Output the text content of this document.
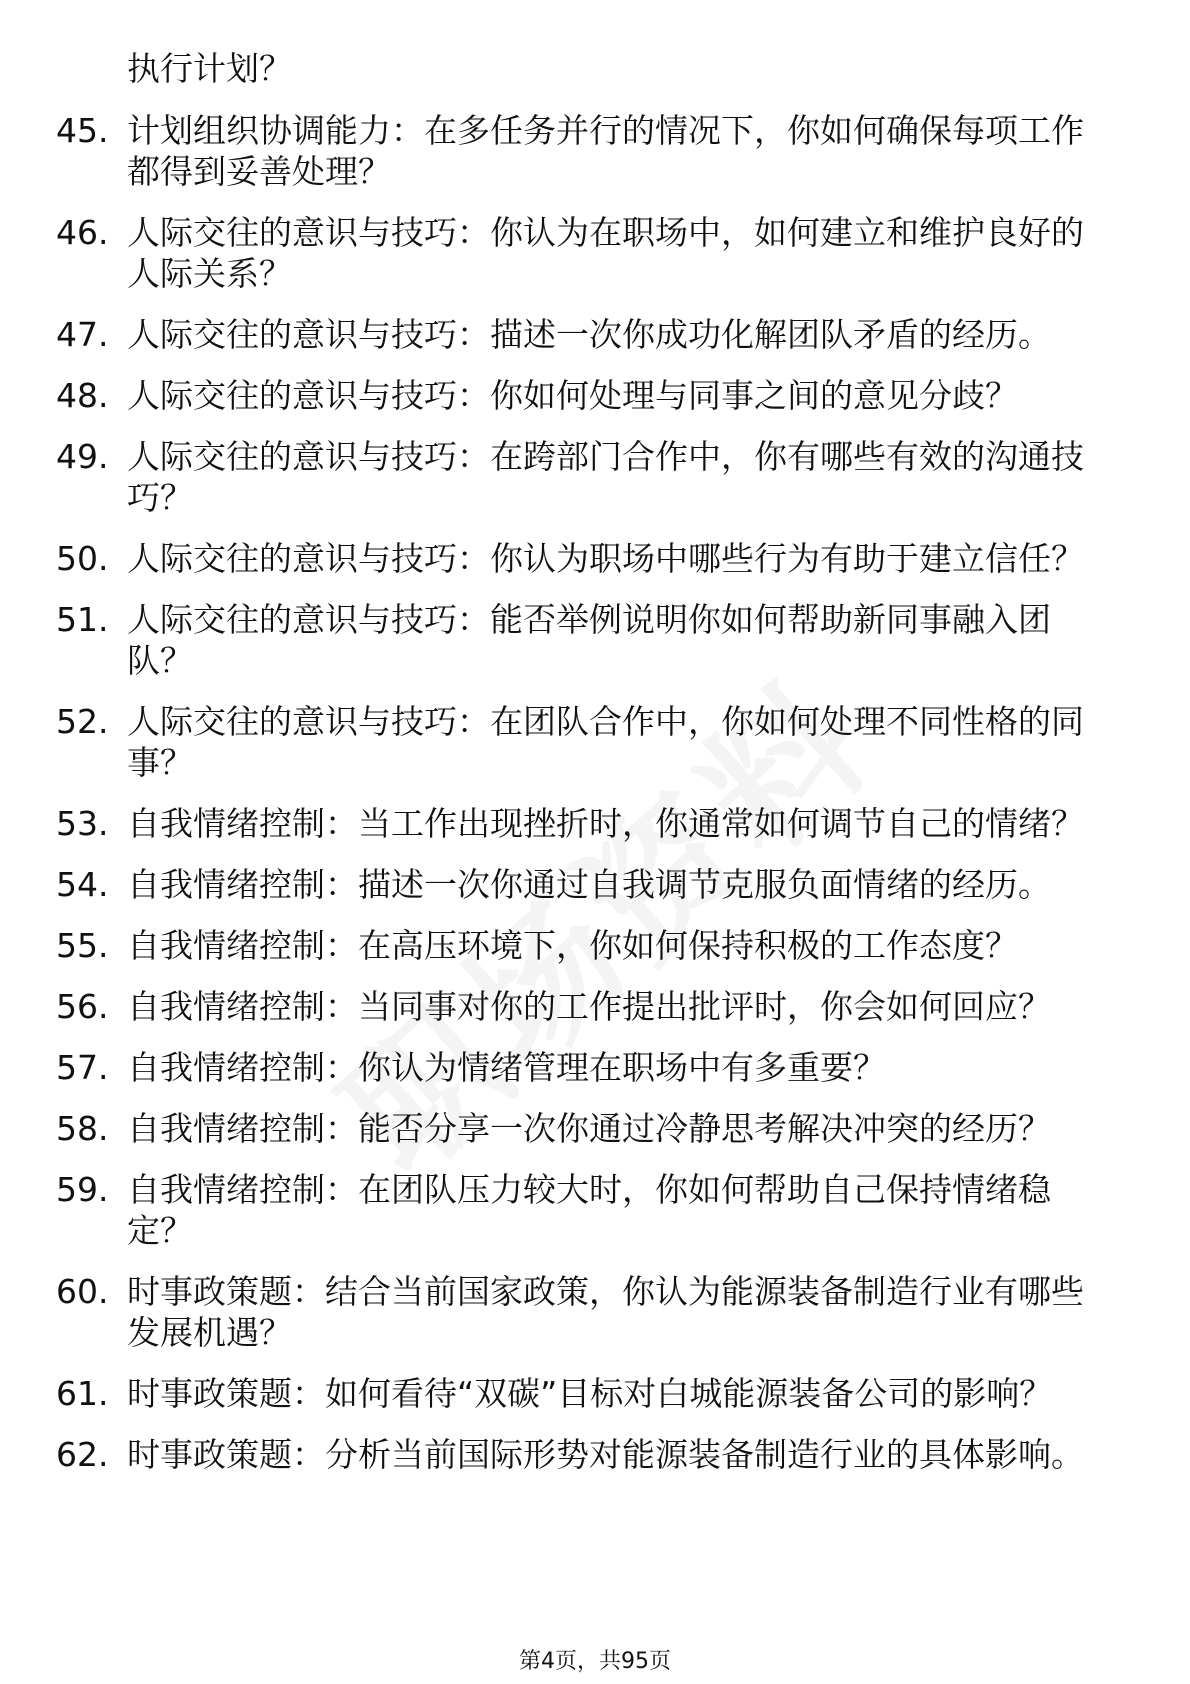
执行计划？
45. 计划组织协调能力：在多任务并行的情况下，你如何确保每项工作都得到妥善处理？
46. 人际交往的意识与技巧：你认为在职场中，如何建立和维护良好的人际关系？
47. 人际交往的意识与技巧：描述一次你成功化解团队矛盾的经历。
48. 人际交往的意识与技巧：你如何处理与同事之间的意见分歧？
49. 人际交往的意识与技巧：在跨部门合作中，你有哪些有效的沟通技巧？
50. 人际交往的意识与技巧：你认为职场中哪些行为有助于建立信任？
51. 人际交往的意识与技巧：能否举例说明你如何帮助新同事融入团队？
52. 人际交往的意识与技巧：在团队合作中，你如何处理不同性格的同事？
53. 自我情绪控制：当工作出现挫折时，你通常如何调节自己的情绪？
54. 自我情绪控制：描述一次你通过自我调节克服负面情绪的经历。
55. 自我情绪控制：在高压环境下，你如何保持积极的工作态度？
56. 自我情绪控制：当同事对你的工作提出批评时，你会如何回应？
57. 自我情绪控制：你认为情绪管理在职场中有多重要？
58. 自我情绪控制：能否分享一次你通过冷静思考解决冲突的经历？
59. 自我情绪控制：在团队压力较大时，你如何帮助自己保持情绪稳定？
60. 时事政策题：结合当前国家政策，你认为能源装备制造行业有哪些发展机遇？
61. 时事政策题：如何看待“双碳”目标对白城能源装备公司的影响？
62. 时事政策题：分析当前国际形势对能源装备制造行业的具体影响。
第4页，共95页
